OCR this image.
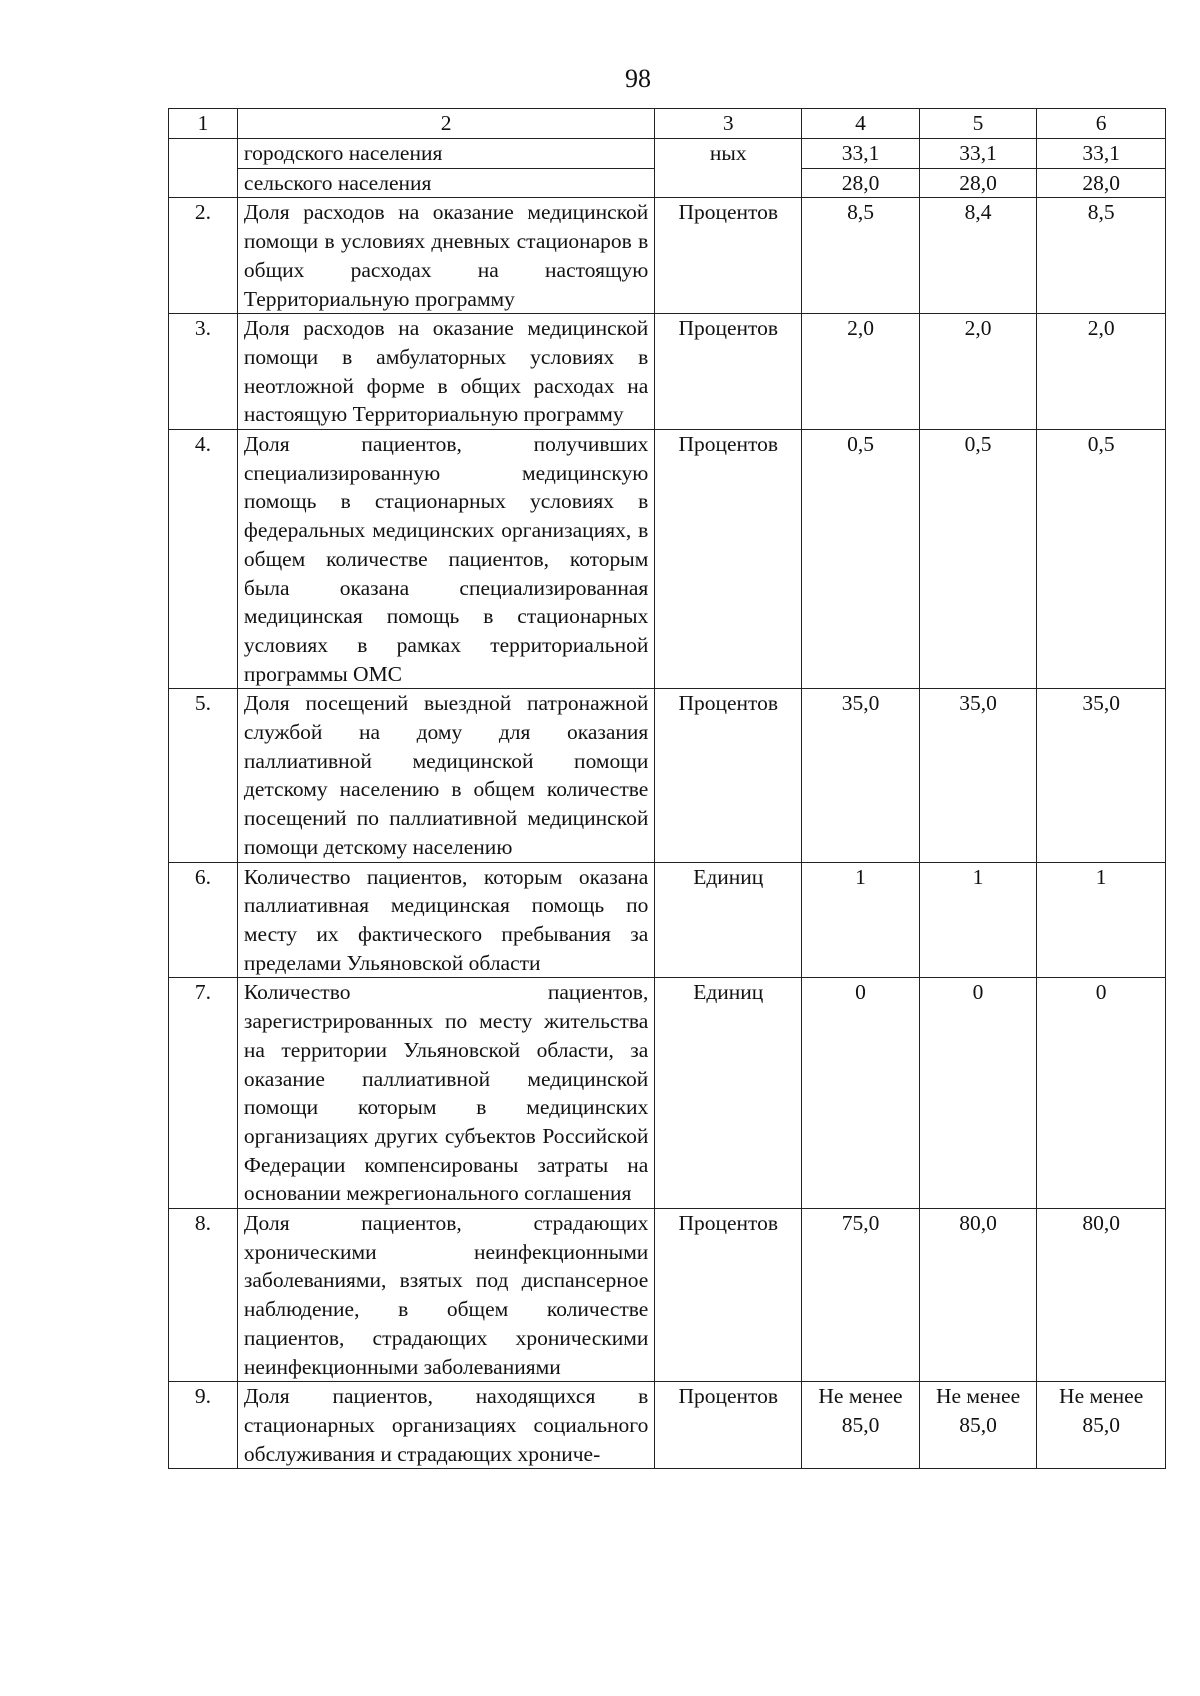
98
1	2	3	4	5	6
	городского населения	ных	33,1	33,1	33,1
	сельского населения		28,0	28,0	28,0
2.	Доля расходов на оказание медицинской помощи в условиях дневных стационаров в общих расходах на настоящую Территориальную программу	Процентов	8,5	8,4	8,5
3.	Доля расходов на оказание медицинской помощи в амбулаторных условиях в неотложной форме в общих расходах на настоящую Территориальную программу	Процентов	2,0	2,0	2,0
4.	Доля пациентов, получивших специализированную медицинскую помощь в стационарных условиях в федеральных медицинских организациях, в общем количестве пациентов, которым была оказана специализированная медицинская помощь в стационарных условиях в рамках территориальной программы ОМС	Процентов	0,5	0,5	0,5
5.	Доля посещений выездной патронажной службой на дому для оказания паллиативной медицинской помощи детскому населению в общем количестве посещений по паллиативной медицинской помощи детскому населению	Процентов	35,0	35,0	35,0
6.	Количество пациентов, которым оказана паллиативная медицинская помощь по месту их фактического пребывания за пределами Ульяновской области	Единиц	1	1	1
7.	Количество пациентов, зарегистрированных по месту жительства на территории Ульяновской области, за оказание паллиативной медицинской помощи которым в медицинских организациях других субъектов Российской Федерации компенсированы затраты на основании межрегионального соглашения	Единиц	0	0	0
8.	Доля пациентов, страдающих хроническими неинфекционными заболеваниями, взятых под диспансерное наблюдение, в общем количестве пациентов, страдающих хроническими неинфекционными заболеваниями	Процентов	75,0	80,0	80,0
9.	Доля пациентов, находящихся в стационарных организациях социального обслуживания и страдающих хрониче-	Процентов	Не менее 85,0	Не менее 85,0	Не менее 85,0
